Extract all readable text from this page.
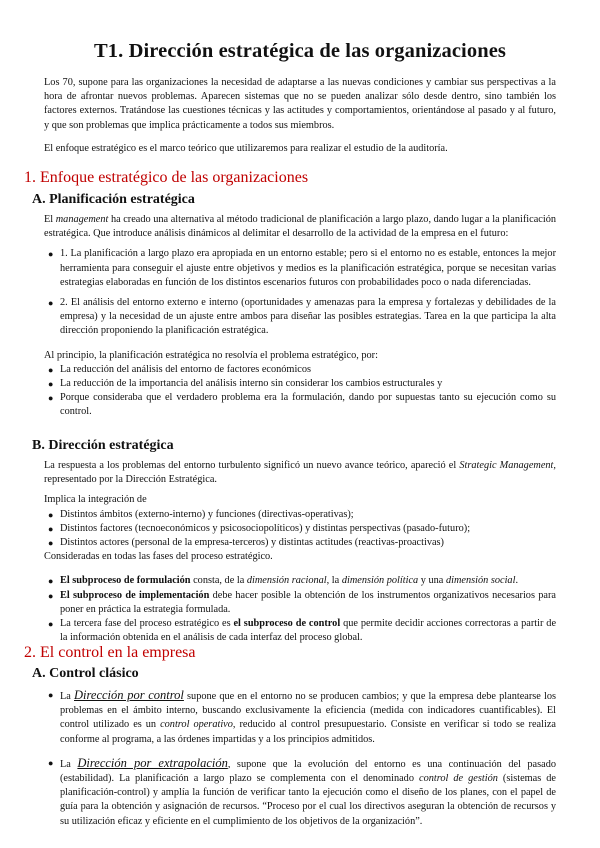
T1. Dirección estratégica de las organizaciones

Los 70, supone para las organizaciones la necesidad de adaptarse a las nuevas condiciones y cambiar sus perspectivas a la hora de afrontar nuevos problemas. Aparecen sistemas que no se pueden analizar sólo desde dentro, sino también los factores externos. Tratándose las cuestiones técnicas y las actitudes y comportamientos, orientándose al pasado y al futuro, y que son problemas que implica prácticamente a todos sus miembros.

El enfoque estratégico es el marco teórico que utilizaremos para realizar el estudio de la auditoría.

1. Enfoque estratégico de las organizaciones
A. Planificación estratégica

El management ha creado una alternativa al método tradicional de planificación a largo plazo, dando lugar a la planificación estratégica. Que introduce análisis dinámicos al delimitar el desarrollo de la actividad de la empresa en el futuro:

● 1. La planificación a largo plazo era apropiada en un entorno estable; pero si el entorno no es estable, entonces la mejor herramienta para conseguir el ajuste entre objetivos y medios es la planificación estratégica, porque se necesitan varias estrategias elaboradas en función de los distintos escenarios futuros con probabilidades poco o nada diferenciadas.
● 2. El análisis del entorno externo e interno (oportunidades y amenazas para la empresa y fortalezas y debilidades de la empresa) y la necesidad de un ajuste entre ambos para diseñar las posibles estrategias. Tarea en la que participa la alta dirección proponiendo la planificación estratégica.

Al principio, la planificación estratégica no resolvía el problema estratégico, por:

● La reducción del análisis del entorno de factores económicos
● La reducción de la importancia del análisis interno sin considerar los cambios estructurales y
● Porque consideraba que el verdadero problema era la formulación, dando por supuestas tanto su ejecución como su control.
B. Dirección estratégica

La respuesta a los problemas del entorno turbulento significó un nuevo avance teórico, apareció el Strategic Management, representado por la Dirección Estratégica.

Implica la integración de

● Distintos ámbitos (externo-interno) y funciones (directivas-operativas);
● Distintos factores (tecnoeconómicos y psicosociopolíticos) y distintas perspectivas (pasado-futuro);
● Distintos actores (personal de la empresa-terceros) y distintas actitudes (reactivas-proactivas)

Consideradas en todas las fases del proceso estratégico.

● El subproceso de formulación consta, de la dimensión racional, la dimensión política y una dimensión social.
● El subproceso de implementación debe hacer posible la obtención de los instrumentos organizativos necesarios para poner en práctica la estrategia formulada.
● La tercera fase del proceso estratégico es el subproceso de control que permite decidir acciones correctoras a partir de la información obtenida en el análisis de cada interfaz del proceso global.
2. El control en la empresa
A. Control clásico
● La Dirección por control supone que en el entorno no se producen cambios; y que la empresa debe plantearse los problemas en el ámbito interno, buscando exclusivamente la eficiencia (medida con indicadores cuantificables). El control utilizado es un control operativo, reducido al control presupuestario. Consiste en verificar si todo se realiza conforme al programa, a las órdenes impartidas y a los principios admitidos.
● La Dirección por extrapolación, supone que la evolución del entorno es una continuación del pasado (estabilidad). La planificación a largo plazo se complementa con el denominado control de gestión (sistemas de planificación-control) y amplía la función de verificar tanto la ejecución como el diseño de los planes, con el papel de guía para la obtención y asignación de recursos. “Proceso por el cual los directivos aseguran la obtención de recursos y su utilización eficaz y eficiente en el cumplimiento de los objetivos de la organización”.
